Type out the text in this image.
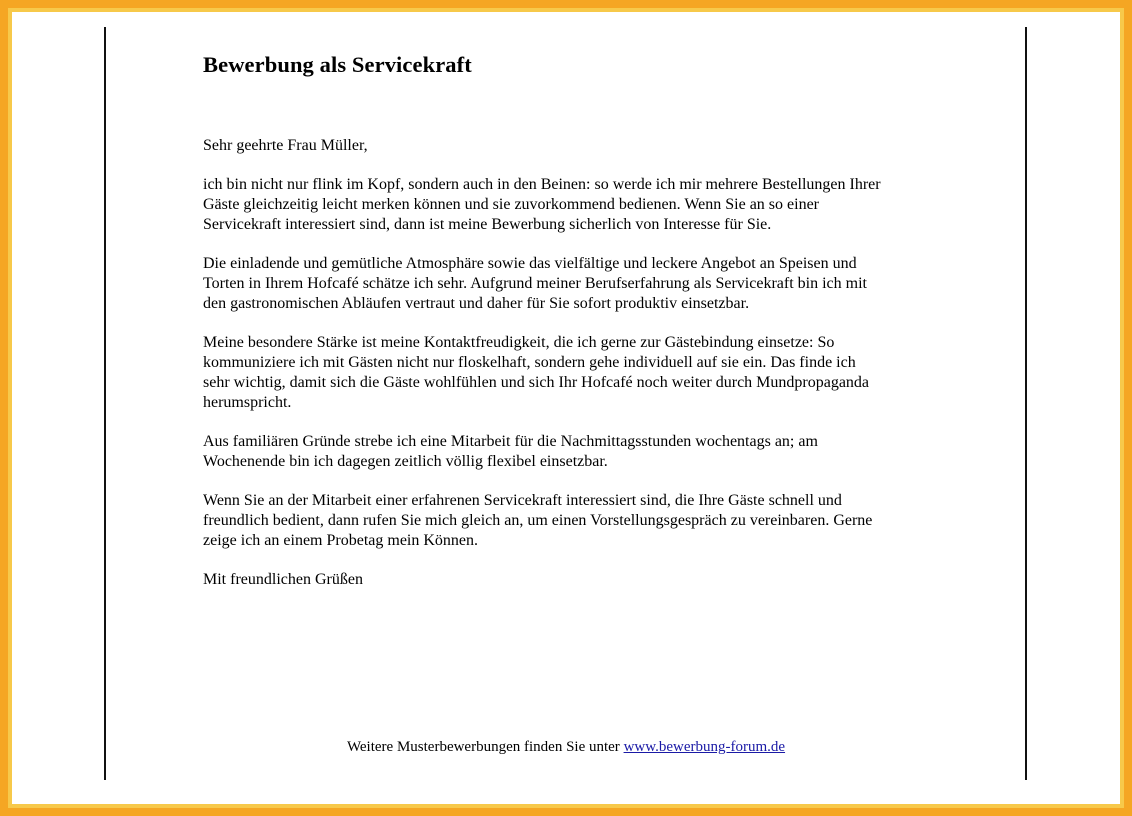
Bewerbung als Servicekraft

Sehr geehrte Frau Müller,

ich bin nicht nur flink im Kopf, sondern auch in den Beinen: so werde ich mir mehrere Bestellungen Ihrer
Gäste gleichzeitig leicht merken können und sie zuvorkommend bedienen. Wenn Sie an so einer
Servicekraft interessiert sind, dann ist meine Bewerbung sicherlich von Interesse für Sie.

Die einladende und gemütliche Atmosphäre sowie das vielfältige und leckere Angebot an Speisen und
Torten in Ihrem Hofcafé schätze ich sehr. Aufgrund meiner Berufserfahrung als Servicekraft bin ich mit
den gastronomischen Abläufen vertraut und daher für Sie sofort produktiv einsetzbar.

Meine besondere Stärke ist meine Kontaktfreudigkeit, die ich gerne zur Gästebindung einsetze: So
kommuniziere ich mit Gästen nicht nur floskelhaft, sondern gehe individuell auf sie ein. Das finde ich
sehr wichtig, damit sich die Gäste wohlfühlen und sich Ihr Hofcafé noch weiter durch Mundpropaganda
herumspricht.

Aus familiären Gründe strebe ich eine Mitarbeit für die Nachmittagsstunden wochentags an; am
Wochenende bin ich dagegen zeitlich völlig flexibel einsetzbar.

Wenn Sie an der Mitarbeit einer erfahrenen Servicekraft interessiert sind, die Ihre Gäste schnell und
freundlich bedient, dann rufen Sie mich gleich an, um einen Vorstellungsgespräch zu vereinbaren. Gerne
zeige ich an einem Probetag mein Können.

Mit freundlichen Grüßen

Weitere Musterbewerbungen finden Sie unter www.bewerbung-forum.de
